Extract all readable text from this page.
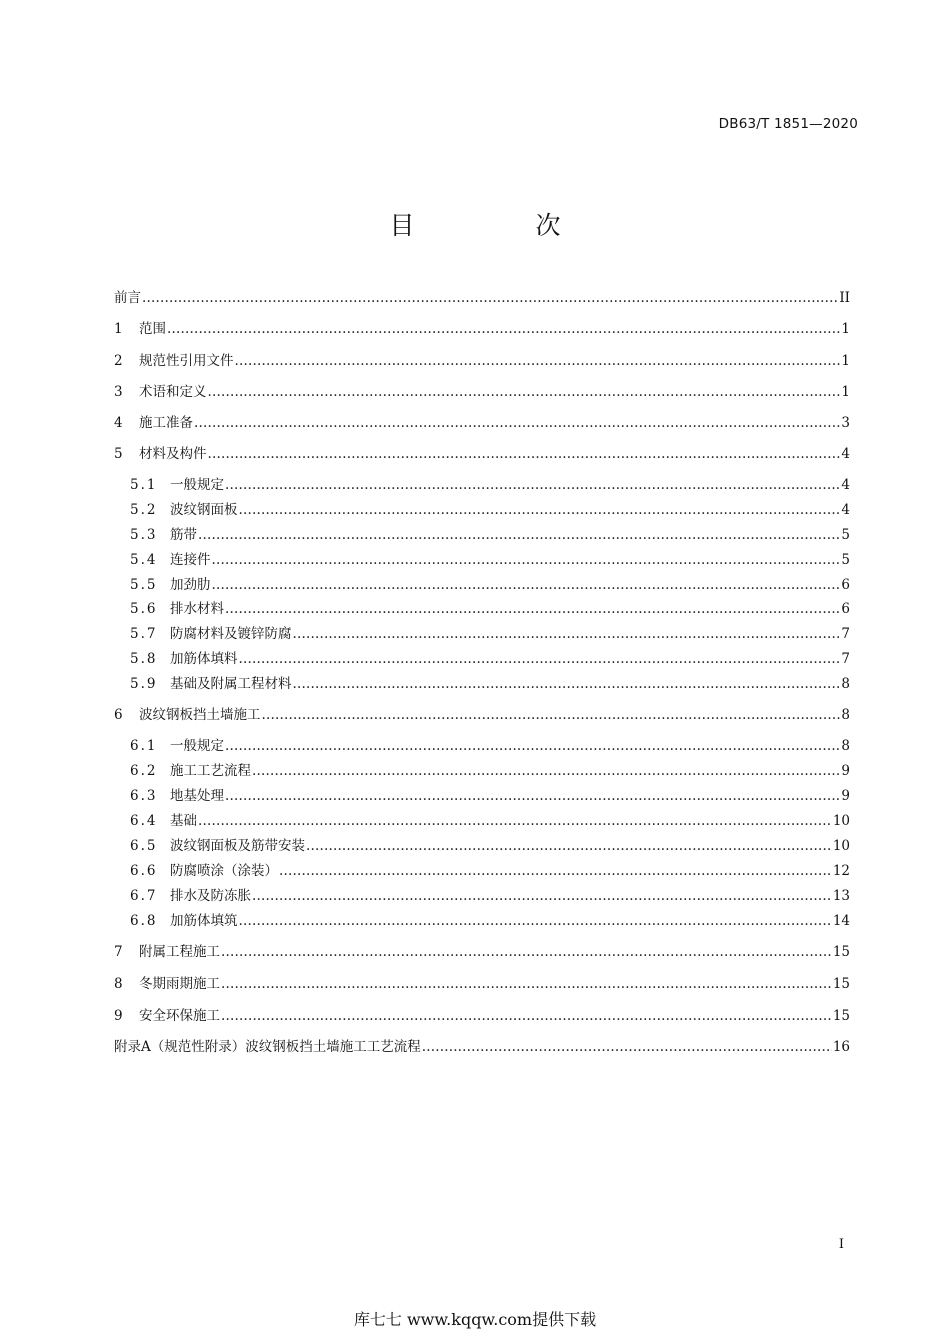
DB63/T 1851—2020
目　次
前言 .....	II
1	范围 .....	1
2	规范性引用文件 .....	1
3	术语和定义 .....	1
4	施工准备 .....	3
5	材料及构件 .....	4
5.1 一般规定 .....	4
5.2 波纹钢面板 .....	4
5.3 筋带 .....	5
5.4 连接件 .....	5
5.5 加劲肋 .....	6
5.6 排水材料 .....	6
5.7 防腐材料及镀锌防腐 .....	7
5.8 加筋体填料 .....	7
5.9 基础及附属工程材料 .....	8
6	波纹钢板挡土墙施工 .....	8
6.1 一般规定 .....	8
6.2 施工工艺流程 .....	9
6.3 地基处理 .....	9
6.4 基础 .....	10
6.5 波纹钢面板及筋带安装 .....	10
6.6 防腐喷涂（涂装） .....	12
6.7 排水及防冻胀 .....	13
6.8 加筋体填筑 .....	14
7	附属工程施工 .....	15
8	冬期雨期施工 .....	15
9	安全环保施工 .....	15
附录A（规范性附录）波纹钢板挡土墙施工工艺流程 .....	16
I
库七七 www.kqqw.com提供下载
